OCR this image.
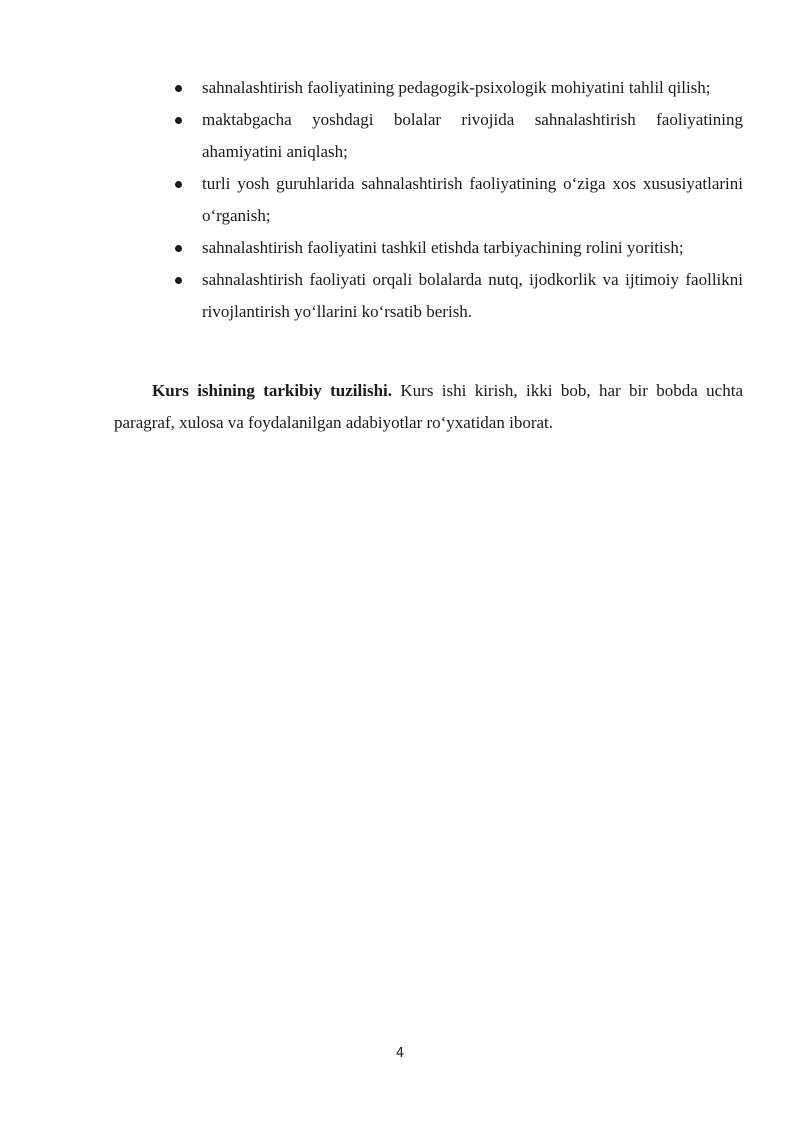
sahnalashtirish faoliyatining pedagogik-psixologik mohiyatini tahlil qilish;
maktabgacha yoshdagi bolalar rivojida sahnalashtirish faoliyatining ahamiyatini aniqlash;
turli yosh guruhlarida sahnalashtirish faoliyatining o‘ziga xos xususiyatlarini o‘rganish;
sahnalashtirish faoliyatini tashkil etishda tarbiyachining rolini yoritish;
sahnalashtirish faoliyati orqali bolalarda nutq, ijodkorlik va ijtimoiy faollikni rivojlantirish yo‘llarini ko‘rsatib berish.

Kurs ishining tarkibiy tuzilishi. Kurs ishi kirish, ikki bob, har bir bobda uchta paragraf, xulosa va foydalanilgan adabiyotlar ro‘yxatidan iborat.

4
